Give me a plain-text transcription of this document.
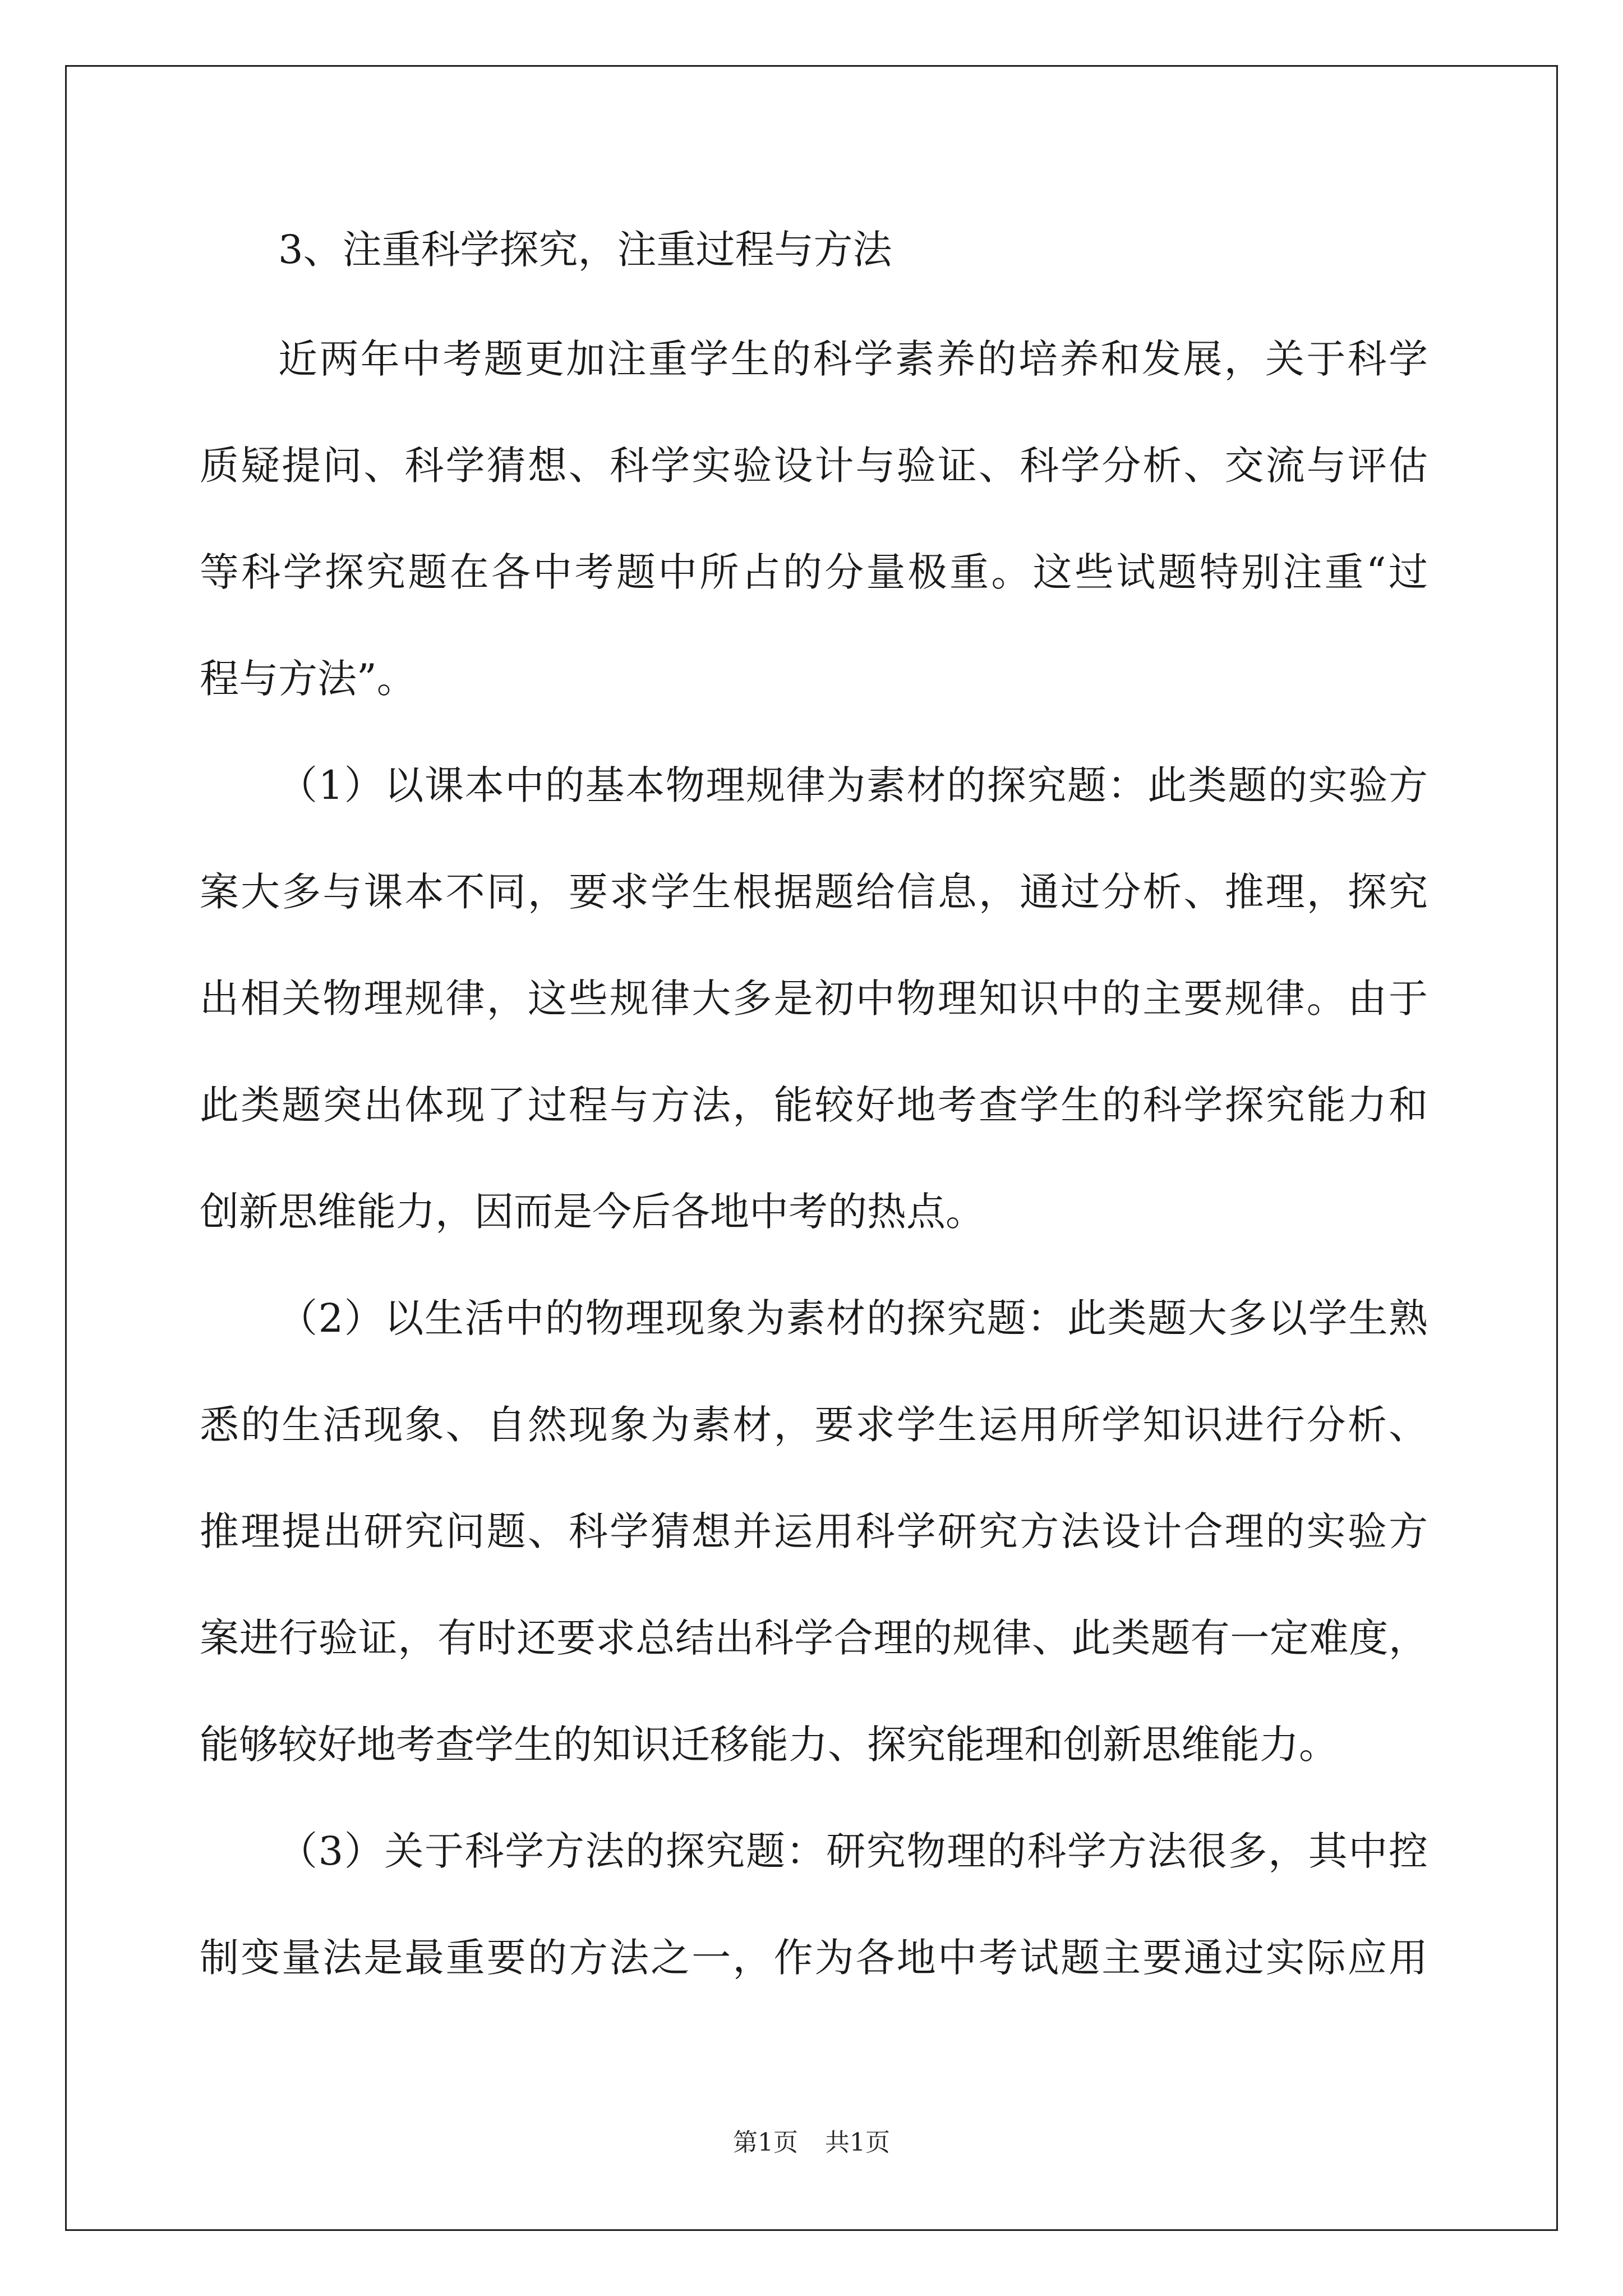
3、注重科学探究，注重过程与方法
近两年中考题更加注重学生的科学素养的培养和发展，关于科学
质疑提问、科学猜想、科学实验设计与验证、科学分析、交流与评估
等科学探究题在各中考题中所占的分量极重。这些试题特别注重“过
程与方法”。
（1）以课本中的基本物理规律为素材的探究题：此类题的实验方
案大多与课本不同，要求学生根据题给信息，通过分析、推理，探究
出相关物理规律，这些规律大多是初中物理知识中的主要规律。由于
此类题突出体现了过程与方法，能较好地考查学生的科学探究能力和
创新思维能力，因而是今后各地中考的热点。
（2）以生活中的物理现象为素材的探究题：此类题大多以学生熟
悉的生活现象、自然现象为素材，要求学生运用所学知识进行分析、
推理提出研究问题、科学猜想并运用科学研究方法设计合理的实验方
案进行验证，有时还要求总结出科学合理的规律、此类题有一定难度，
能够较好地考查学生的知识迁移能力、探究能理和创新思维能力。
（3）关于科学方法的探究题：研究物理的科学方法很多，其中控
制变量法是最重要的方法之一，作为各地中考试题主要通过实际应用
第1页 共1页
